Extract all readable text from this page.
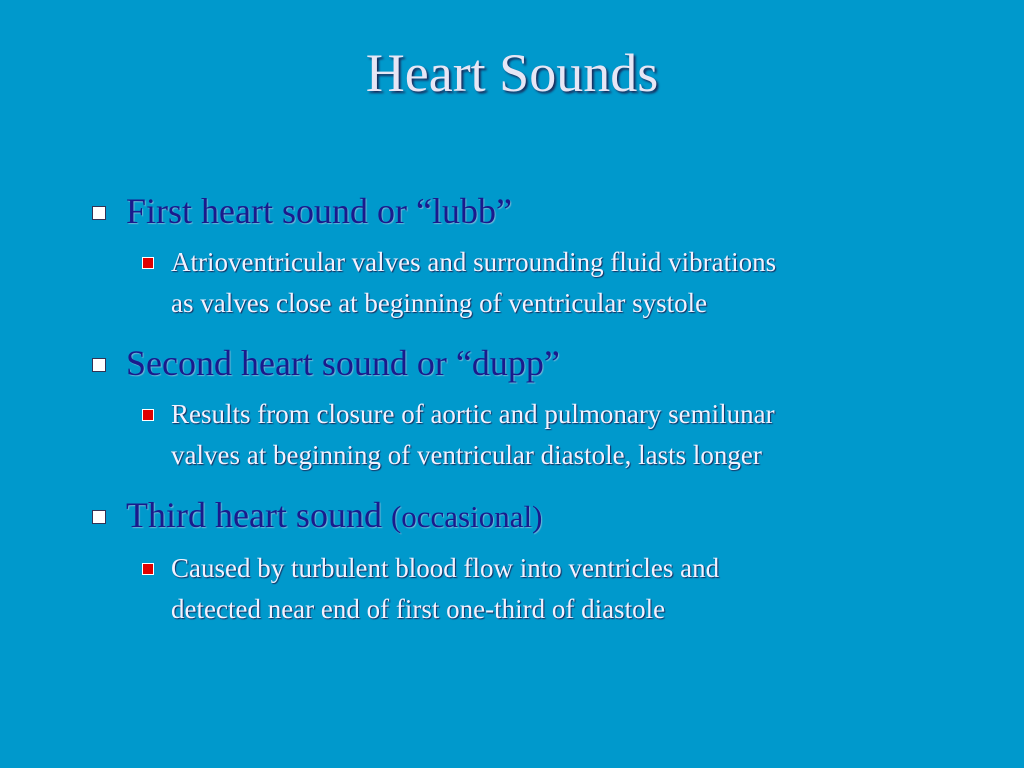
Heart Sounds
First heart sound or “lubb”
Atrioventricular valves and surrounding fluid vibrations
as valves close at beginning of ventricular systole
Second heart sound or “dupp”
Results from closure of aortic and pulmonary semilunar
valves at beginning of ventricular diastole, lasts longer
Third heart sound (occasional)
Caused by turbulent blood flow into ventricles and
detected near end of first one-third of diastole
